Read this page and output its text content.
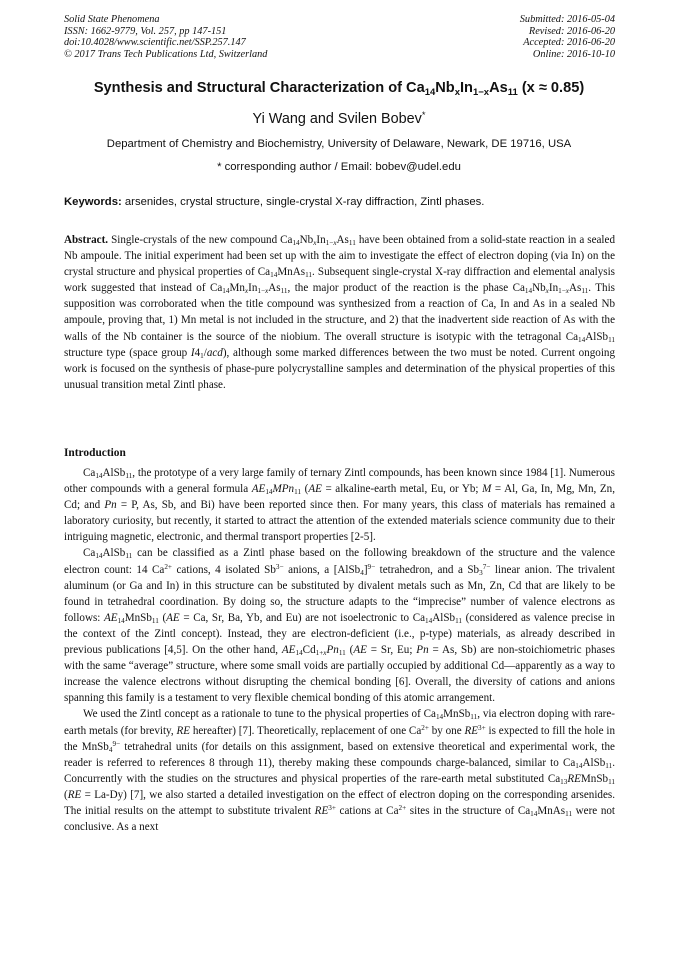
Solid State Phenomena
ISSN: 1662-9779, Vol. 257, pp 147-151
doi:10.4028/www.scientific.net/SSP.257.147
© 2017 Trans Tech Publications Ltd, Switzerland
Submitted: 2016-05-04
Revised: 2016-06-20
Accepted: 2016-06-20
Online: 2016-10-10
Synthesis and Structural Characterization of $Ca_{14}Nb_xIn_{1-x}As_{11}$ (x ≈ 0.85)
Yi Wang and Svilen Bobev*
Department of Chemistry and Biochemistry, University of Delaware, Newark, DE 19716, USA
* corresponding author / Email: bobev@udel.edu
Keywords: arsenides, crystal structure, single-crystal X-ray diffraction, Zintl phases.
Abstract. Single-crystals of the new compound $Ca_{14}Nb_xIn_{1-x}As_{11}$ have been obtained from a solid-state reaction in a sealed Nb ampoule. The initial experiment had been set up with the aim to investigate the effect of electron doping (via In) on the crystal structure and physical properties of $Ca_{14}MnAs_{11}$. Subsequent single-crystal X-ray diffraction and elemental analysis work suggested that instead of $Ca_{14}Mn_xIn_{1-x}As_{11}$, the major product of the reaction is the phase $Ca_{14}Nb_xIn_{1-x}As_{11}$. This supposition was corroborated when the title compound was synthesized from a reaction of Ca, In and As in a sealed Nb ampoule, proving that, 1) Mn metal is not included in the structure, and 2) that the inadvertent side reaction of As with the walls of the Nb container is the source of the niobium. The overall structure is isotypic with the tetragonal $Ca_{14}AlSb_{11}$ structure type (space group $I4_1/acd$), although some marked differences between the two must be noted. Current ongoing work is focused on the synthesis of phase-pure polycrystalline samples and determination of the physical properties of this unusual transition metal Zintl phase.
Introduction

$Ca_{14}AlSb_{11}$, the prototype of a very large family of ternary Zintl compounds, has been known since 1984 [1]. Numerous other compounds with a general formula $AE_{14}MPn_{11}$ (AE = alkaline-earth metal, Eu, or Yb; M = Al, Ga, In, Mg, Mn, Zn, Cd; and Pn = P, As, Sb, and Bi) have been reported since then. For many years, this class of materials has remained a laboratory curiosity, but recently, it started to attract the attention of the extended materials science community due to their intriguing magnetic, electronic, and thermal transport properties [2-5].

$Ca_{14}AlSb_{11}$ can be classified as a Zintl phase based on the following breakdown of the structure and the valence electron count: 14 $Ca^{2+}$ cations, 4 isolated $Sb^{3-}$ anions, a [AlSb$_4$]$^{9-}$ tetrahedron, and a $Sb_3^{7-}$ linear anion. The trivalent aluminum (or Ga and In) in this structure can be substituted by divalent metals such as Mn, Zn, Cd that are likely to be found in tetrahedral coordination. By doing so, the structure adapts to the “imprecise” number of valence electrons as follows: $AE_{14}MnSb_{11}$ (AE = Ca, Sr, Ba, Yb, and Eu) are not isoelectronic to $Ca_{14}AlSb_{11}$ (considered as valence precise in the context of the Zintl concept). Instead, they are electron-deficient (i.e., p-type) materials, as already described in previous publications [4,5]. On the other hand, $AE_{14}Cd_{1+x}Pn_{11}$ (AE = Sr, Eu; Pn = As, Sb) are non-stoichiometric phases with the same “average” structure, where some small voids are partially occupied by additional Cd—apparently as a way to increase the valence electrons without disrupting the chemical bonding [6]. Overall, the diversity of cations and anions spanning this family is a testament to very flexible chemical bonding of this atomic arrangement.

We used the Zintl concept as a rationale to tune to the physical properties of $Ca_{14}MnSb_{11}$, via electron doping with rare-earth metals (for brevity, RE hereafter) [7]. Theoretically, replacement of one $Ca^{2+}$ by one $RE^{3+}$ is expected to fill the hole in the MnSb$_4^{9-}$ tetrahedral units (for details on this assignment, based on extensive theoretical and experimental work, the reader is referred to references 8 through 11), thereby making these compounds charge-balanced, similar to $Ca_{14}AlSb_{11}$. Concurrently with the studies on the structures and physical properties of the rare-earth metal substituted $Ca_{13}REMnSb_{11}$ (RE = La-Dy) [7], we also started a detailed investigation on the effect of electron doping on the corresponding arsenides. The initial results on the attempt to substitute trivalent $RE^{3+}$ cations at $Ca^{2+}$ sites in the structure of $Ca_{14}MnAs_{11}$ were not conclusive. As a next
